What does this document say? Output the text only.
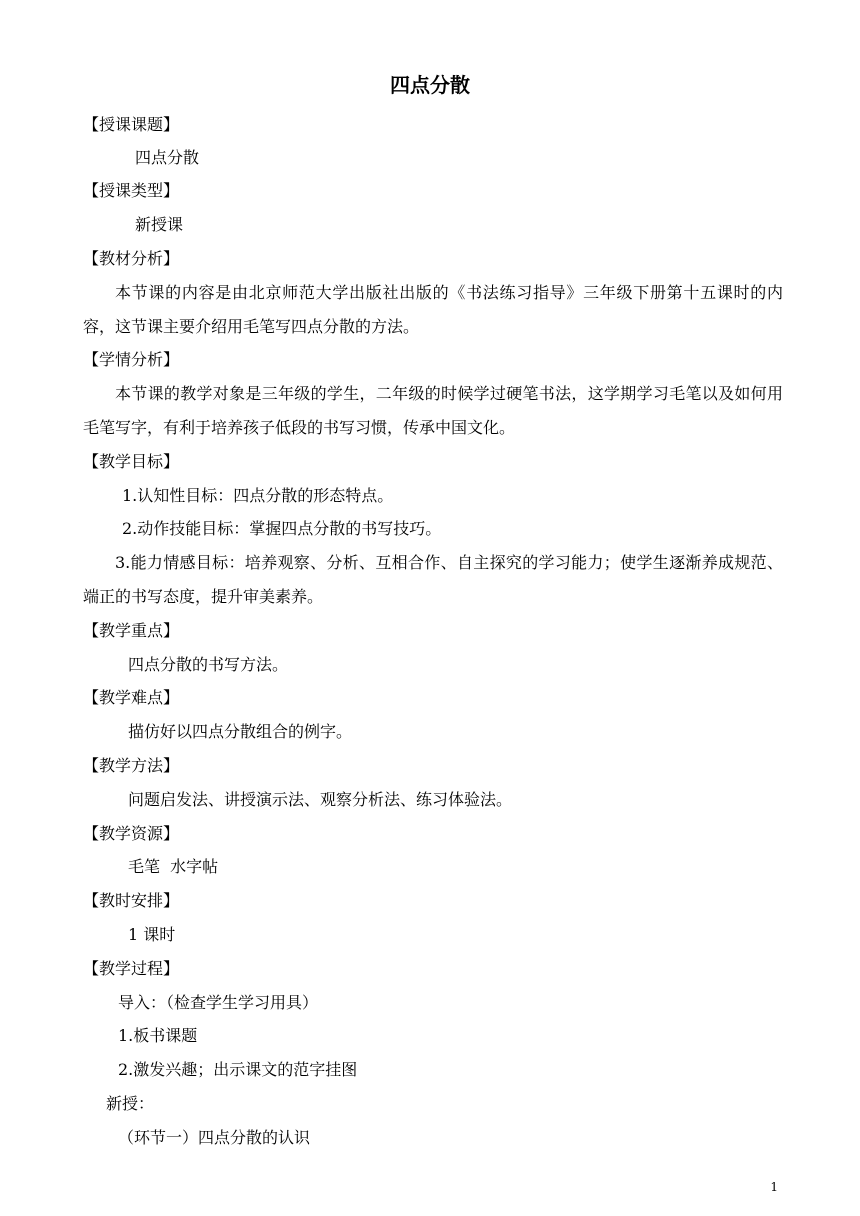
四点分散
【授课课题】
四点分散
【授课类型】
新授课
【教材分析】
本节课的内容是由北京师范大学出版社出版的《书法练习指导》三年级下册第十五课时的内容，这节课主要介绍用毛笔写四点分散的方法。
【学情分析】
本节课的教学对象是三年级的学生，二年级的时候学过硬笔书法，这学期学习毛笔以及如何用毛笔写字，有利于培养孩子低段的书写习惯，传承中国文化。
【教学目标】
1.认知性目标：四点分散的形态特点。
2.动作技能目标：掌握四点分散的书写技巧。
3.能力情感目标：培养观察、分析、互相合作、自主探究的学习能力；使学生逐渐养成规范、端正的书写态度，提升审美素养。
【教学重点】
四点分散的书写方法。
【教学难点】
描仿好以四点分散组合的例字。
【教学方法】
问题启发法、讲授演示法、观察分析法、练习体验法。
【教学资源】
毛笔  水字帖
【教时安排】
1 课时
【教学过程】
导入：（检查学生学习用具）
1.板书课题
2.激发兴趣；出示课文的范字挂图
新授：
（环节一）四点分散的认识
1
